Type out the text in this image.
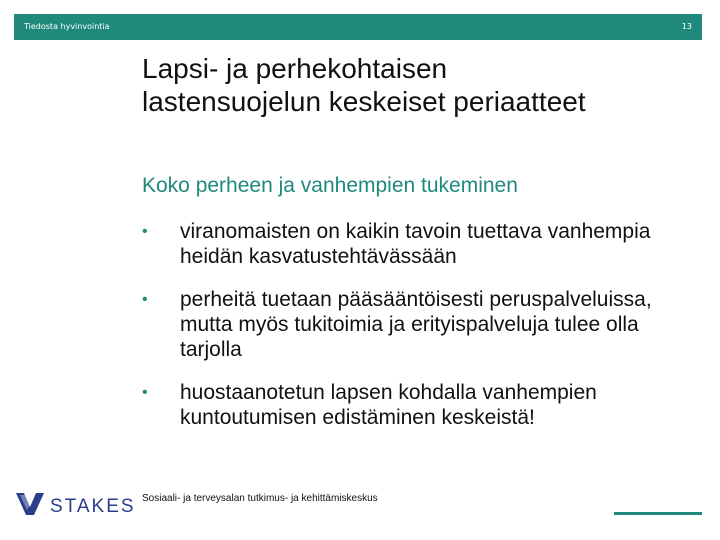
Tiedosta hyvinvointia	13
Lapsi- ja perhekohtaisen lastensuojelun keskeiset periaatteet
Koko perheen ja vanhempien tukeminen
• viranomaisten on kaikin tavoin tuettava vanhempia heidän kasvatustehtävässään
• perheitä tuetaan pääsääntöisesti peruspalveluissa, mutta myös tukitoimia ja erityispalveluja tulee olla tarjolla
• huostaanotetun lapsen kohdalla vanhempien kuntoutumisen edistäminen keskeistä!
STAKES Sosiaali- ja terveysalan tutkimus- ja kehittämiskeskus
